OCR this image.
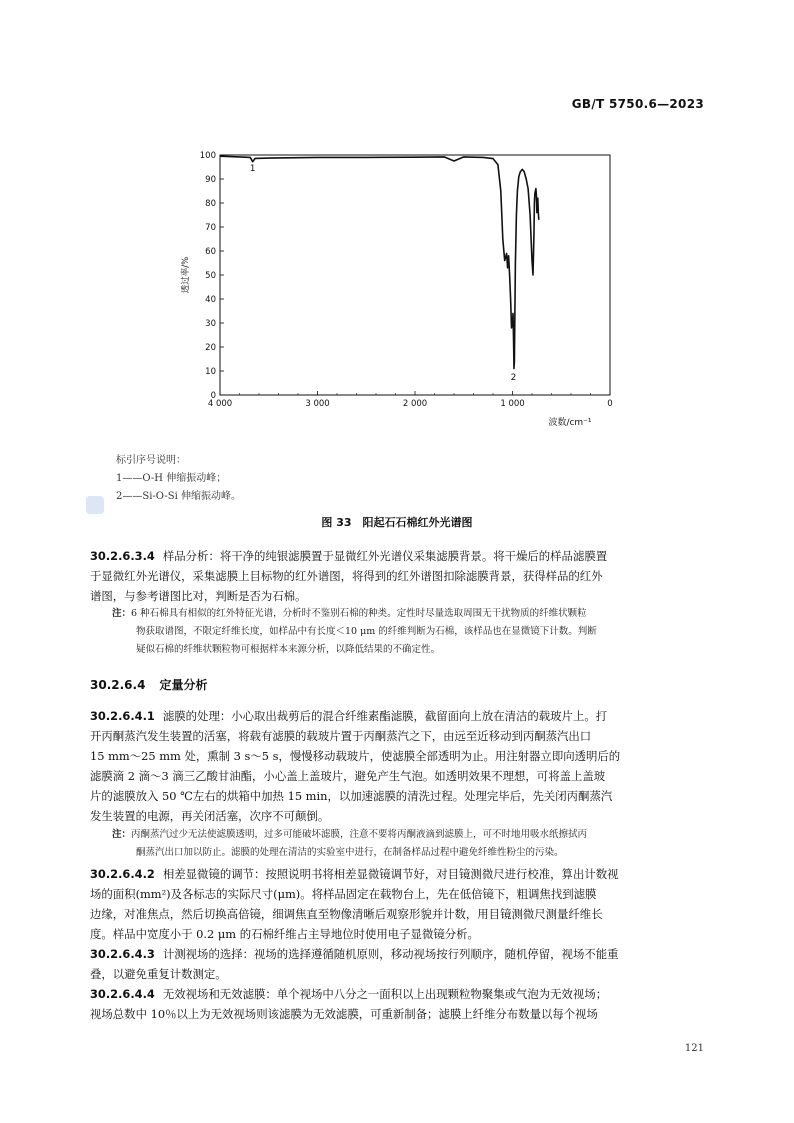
GB/T 5750.6—2023
透过率/%
波数/cm⁻¹
100
90
80
70
60
50
40
30
20
10
0
4 000	3 000	2 000	1 000	0
1
2
标引序号说明：
1——O-H 伸缩振动峰；
2——Si-O-Si 伸缩振动峰。
图 33　阳起石石棉红外光谱图
30.2.6.3.4 样品分析：将干净的纯银滤膜置于显微红外光谱仪采集滤膜背景。将干燥后的样品滤膜置
于显微红外光谱仪，采集滤膜上目标物的红外谱图，将得到的红外谱图扣除滤膜背景，获得样品的红外
谱图，与参考谱图比对，判断是否为石棉。
注：6 种石棉具有相似的红外特征光谱，分析时不鉴别石棉的种类。定性时尽量选取周围无干扰物质的纤维状颗粒
物获取谱图，不限定纤维长度，如样品中有长度＜10 μm 的纤维判断为石棉，该样品也在显微镜下计数。判断
疑似石棉的纤维状颗粒物可根据样本来源分析，以降低结果的不确定性。
30.2.6.4 定量分析
30.2.6.4.1 滤膜的处理：小心取出裁剪后的混合纤维素酯滤膜，截留面向上放在清洁的载玻片上。打
开丙酮蒸汽发生装置的活塞，将载有滤膜的载玻片置于丙酮蒸汽之下，由远至近移动到丙酮蒸汽出口
15 mm～25 mm 处，熏制 3 s～5 s，慢慢移动载玻片，使滤膜全部透明为止。用注射器立即向透明后的
滤膜滴 2 滴～3 滴三乙酸甘油酯，小心盖上盖玻片，避免产生气泡。如透明效果不理想，可将盖上盖玻
片的滤膜放入 50 ℃左右的烘箱中加热 15 min，以加速滤膜的清洗过程。处理完毕后，先关闭丙酮蒸汽
发生装置的电源，再关闭活塞，次序不可颠倒。
注：丙酮蒸汽过少无法使滤膜透明，过多可能破坏滤膜，注意不要将丙酮液滴到滤膜上，可不时地用吸水纸擦拭丙
酮蒸汽出口加以防止。滤膜的处理在清洁的实验室中进行，在制备样品过程中避免纤维性粉尘的污染。
30.2.6.4.2 相差显微镜的调节：按照说明书将相差显微镜调节好，对目镜测微尺进行校准，算出计数视
场的面积(mm²)及各标志的实际尺寸(μm)。将样品固定在载物台上，先在低倍镜下，粗调焦找到滤膜
边缘，对准焦点，然后切换高倍镜，细调焦直至物像清晰后观察形貌并计数，用目镜测微尺测量纤维长
度。样品中宽度小于 0.2 μm 的石棉纤维占主导地位时使用电子显微镜分析。
30.2.6.4.3 计测视场的选择：视场的选择遵循随机原则，移动视场按行列顺序，随机停留，视场不能重
叠，以避免重复计数测定。
30.2.6.4.4 无效视场和无效滤膜：单个视场中八分之一面积以上出现颗粒物聚集或气泡为无效视场；
视场总数中 10％以上为无效视场则该滤膜为无效滤膜，可重新制备；滤膜上纤维分布数量以每个视场
121
